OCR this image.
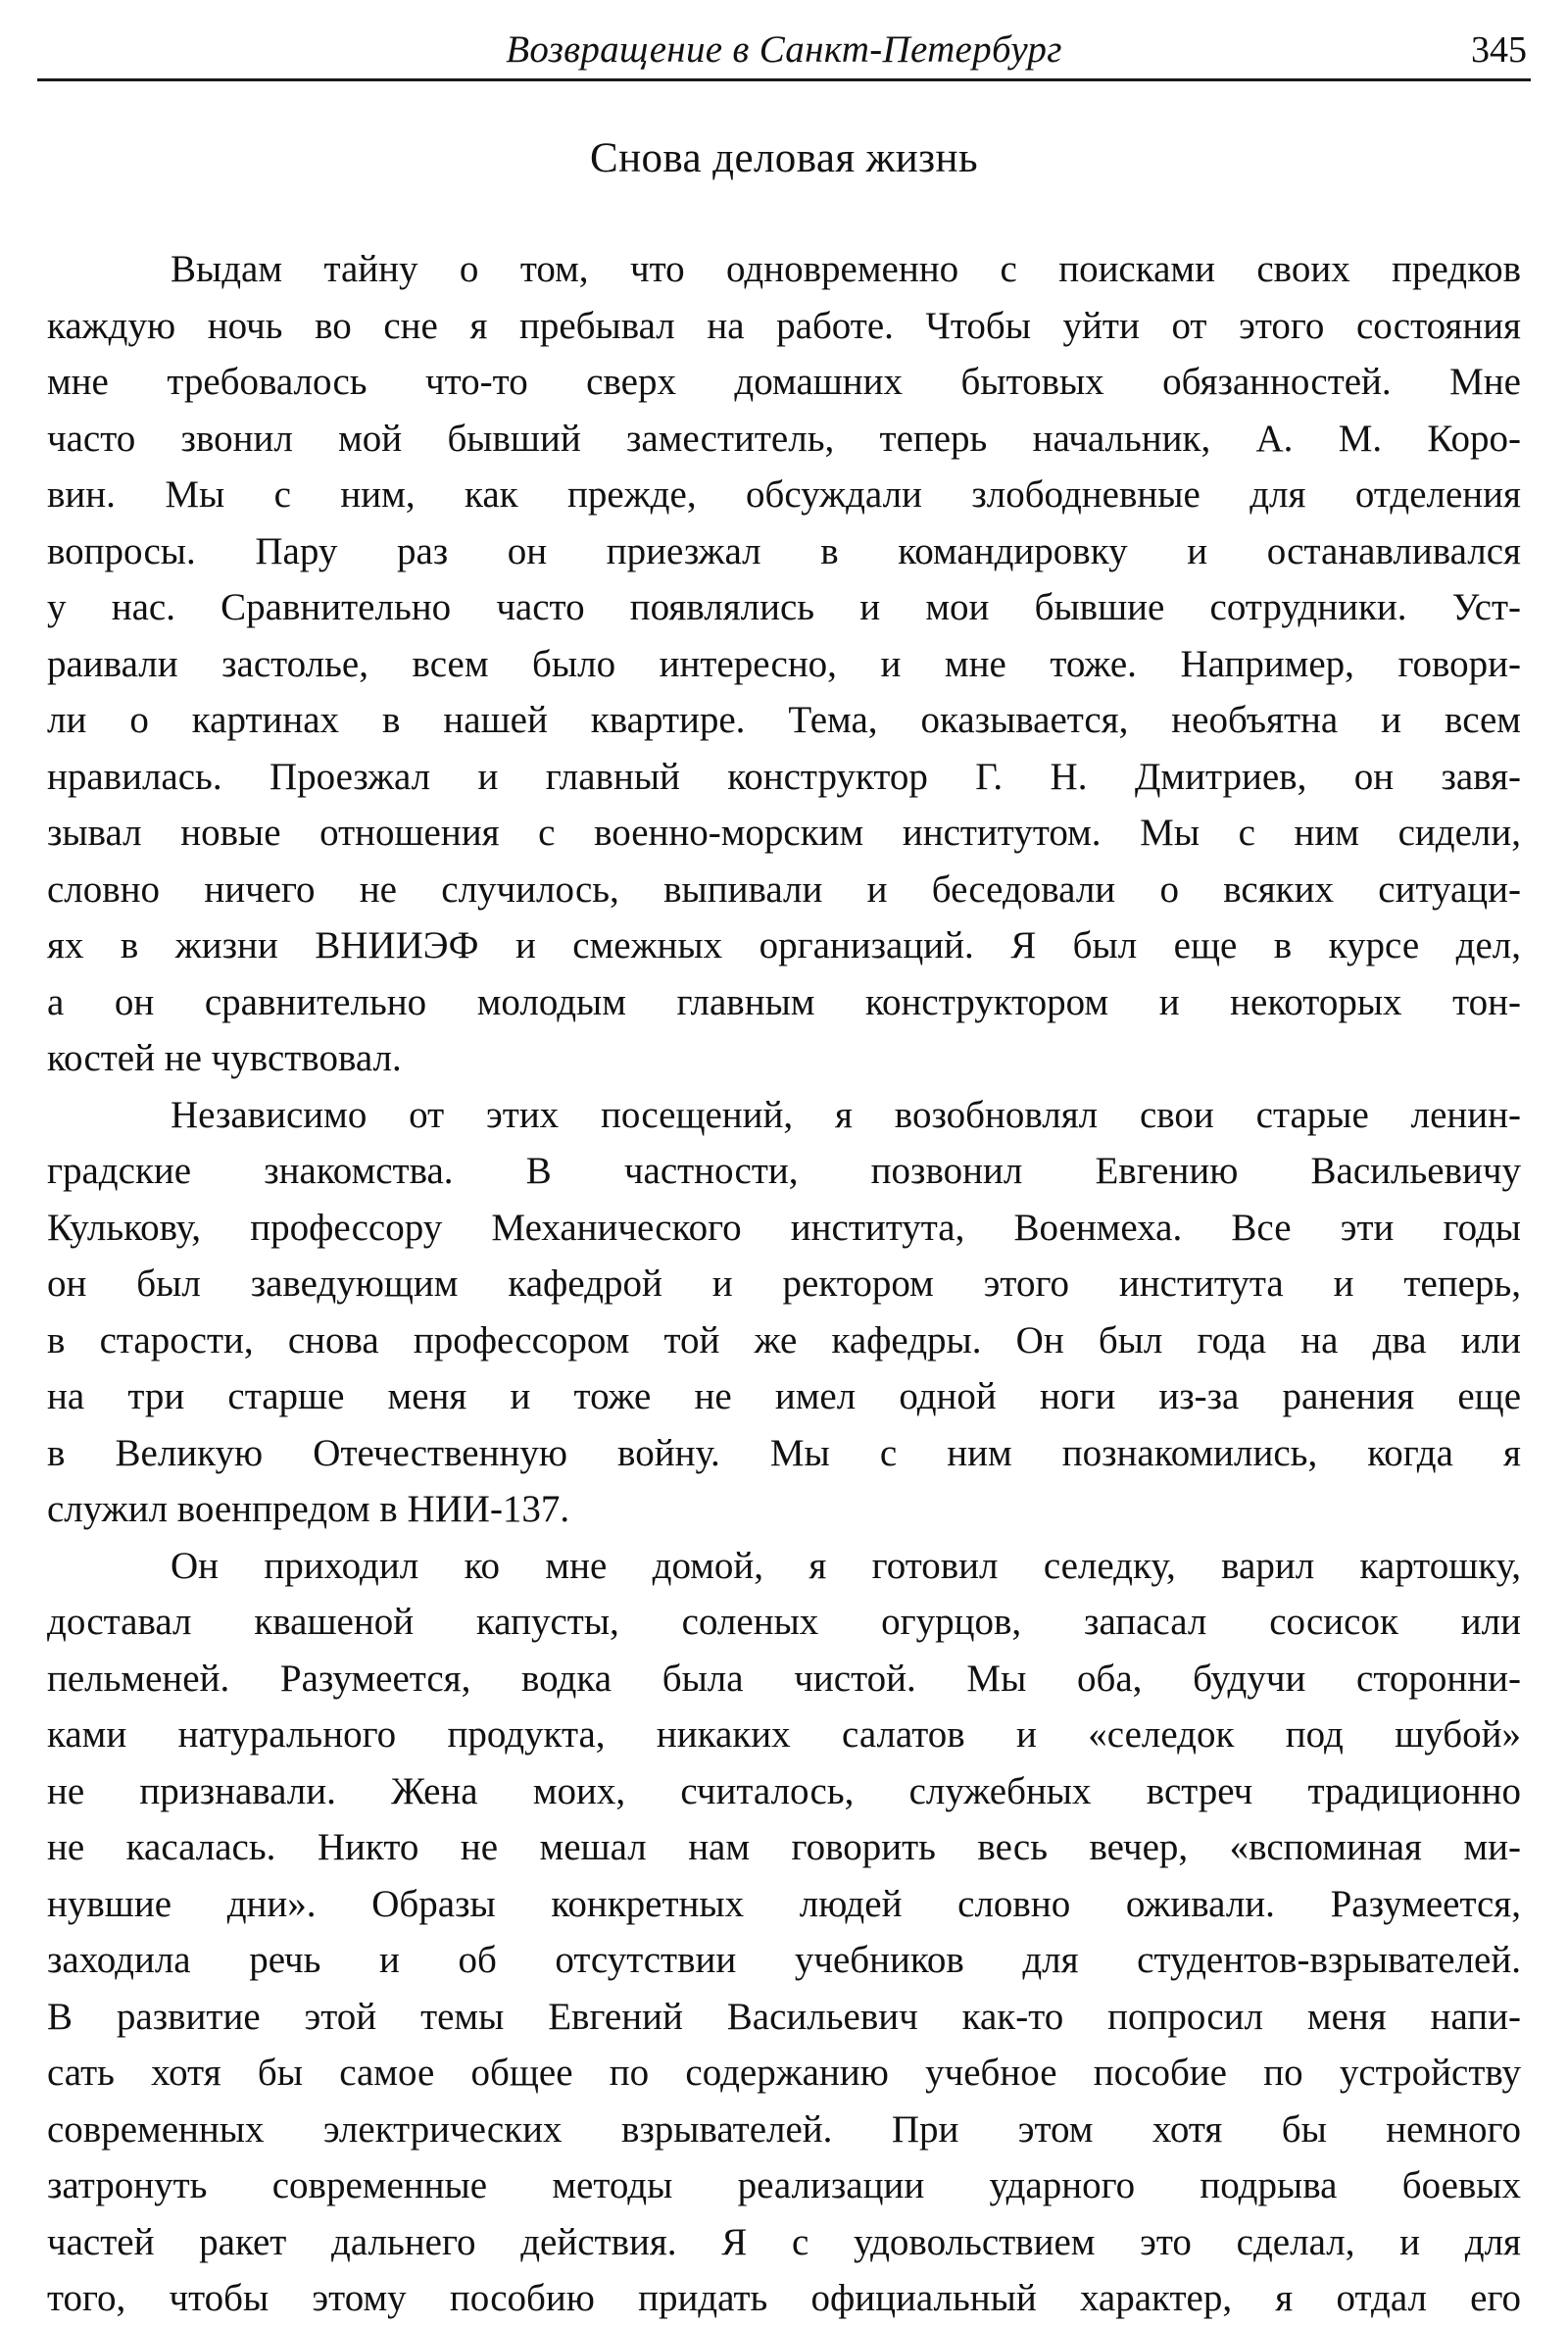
Возвращение в Санкт-Петербург	345
Снова деловая жизнь
Выдам тайну о том, что одновременно с поисками своих предков
каждую ночь во сне я пребывал на работе. Чтобы уйти от этого состояния
мне требовалось что-то сверх домашних бытовых обязанностей. Мне
часто звонил мой бывший заместитель, теперь начальник, А. М. Коро-
вин. Мы с ним, как прежде, обсуждали злободневные для отделения
вопросы. Пару раз он приезжал в командировку и останавливался
у нас. Сравнительно часто появлялись и мои бывшие сотрудники. Уст-
раивали застолье, всем было интересно, и мне тоже. Например, говори-
ли о картинах в нашей квартире. Тема, оказывается, необъятна и всем
нравилась. Проезжал и главный конструктор Г. Н. Дмитриев, он завя-
зывал новые отношения с военно-морским институтом. Мы с ним сидели,
словно ничего не случилось, выпивали и беседовали о всяких ситуаци-
ях в жизни ВНИИЭФ и смежных организаций. Я был еще в курсе дел,
а он сравнительно молодым главным конструктором и некоторых тон-
костей не чувствовал.
Независимо от этих посещений, я возобновлял свои старые ленин-
градские знакомства. В частности, позвонил Евгению Васильевичу
Кулькову, профессору Механического института, Военмеха. Все эти годы
он был заведующим кафедрой и ректором этого института и теперь,
в старости, снова профессором той же кафедры. Он был года на два или
на три старше меня и тоже не имел одной ноги из-за ранения еще
в Великую Отечественную войну. Мы с ним познакомились, когда я
служил военпредом в НИИ-137.
Он приходил ко мне домой, я готовил селедку, варил картошку,
доставал квашеной капусты, соленых огурцов, запасал сосисок или
пельменей. Разумеется, водка была чистой. Мы оба, будучи сторонни-
ками натурального продукта, никаких салатов и «селедок под шубой»
не признавали. Жена моих, считалось, служебных встреч традиционно
не касалась. Никто не мешал нам говорить весь вечер, «вспоминая ми-
нувшие дни». Образы конкретных людей словно оживали. Разумеется,
заходила речь и об отсутствии учебников для студентов-взрывателей.
В развитие этой темы Евгений Васильевич как-то попросил меня напи-
сать хотя бы самое общее по содержанию учебное пособие по устройству
современных электрических взрывателей. При этом хотя бы немного
затронуть современные методы реализации ударного подрыва боевых
частей ракет дальнего действия. Я с удовольствием это сделал, и для
того, чтобы этому пособию придать официальный характер, я отдал его
